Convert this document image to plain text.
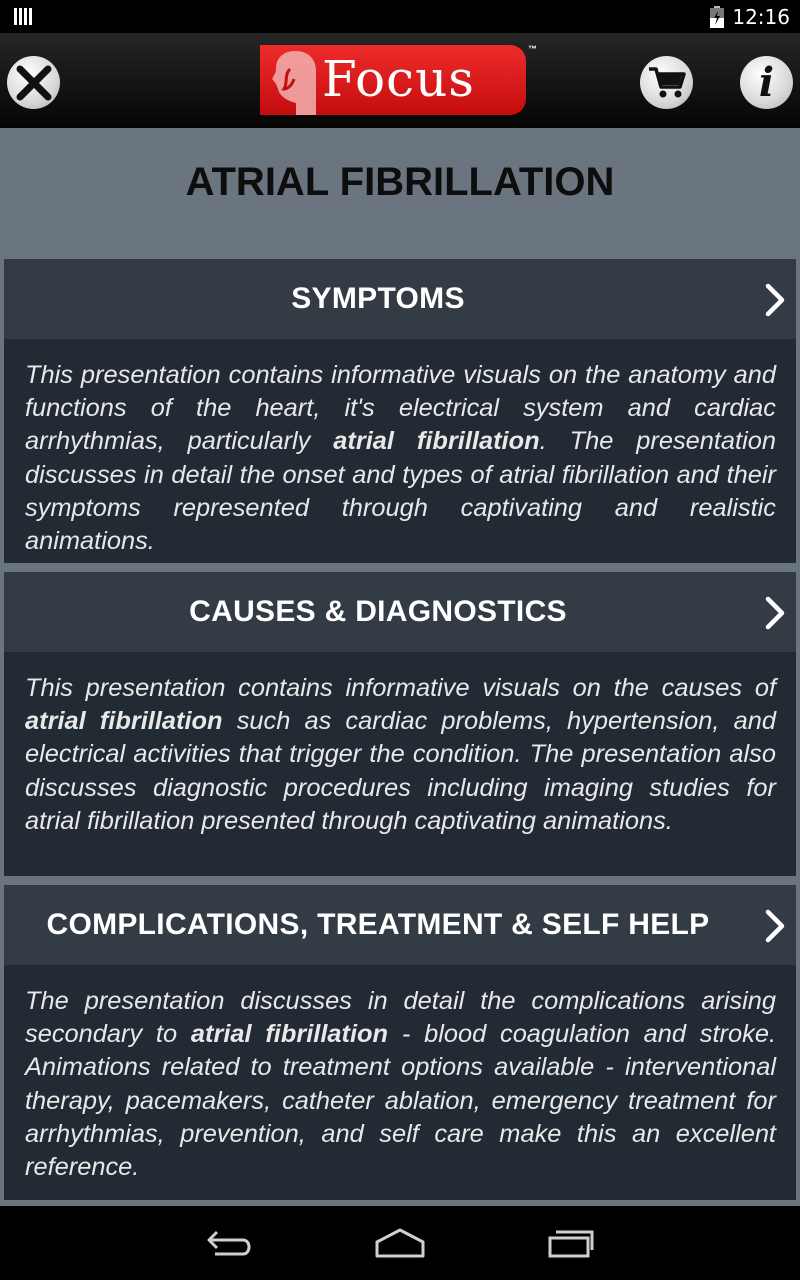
12:16
Focus
™
i
ATRIAL FIBRILLATION
SYMPTOMS
This presentation contains informative visuals on the anatomy and functions of the heart, it's electrical system and cardiac arrhythmias, particularly atrial fibrillation. The presentation discusses in detail the onset and types of atrial fibrillation and their symptoms represented through captivating and realistic animations.
CAUSES & DIAGNOSTICS
This presentation contains informative visuals on the causes of atrial fibrillation such as cardiac problems, hypertension, and electrical activities that trigger the condition. The presentation also discusses diagnostic procedures including imaging studies for atrial fibrillation presented through captivating animations.
COMPLICATIONS, TREATMENT & SELF HELP
The presentation discusses in detail the complications arising secondary to atrial fibrillation - blood coagulation and stroke. Animations related to treatment options available - interventional therapy, pacemakers, catheter ablation, emergency treatment for arrhythmias, prevention, and self care make this an excellent reference.
